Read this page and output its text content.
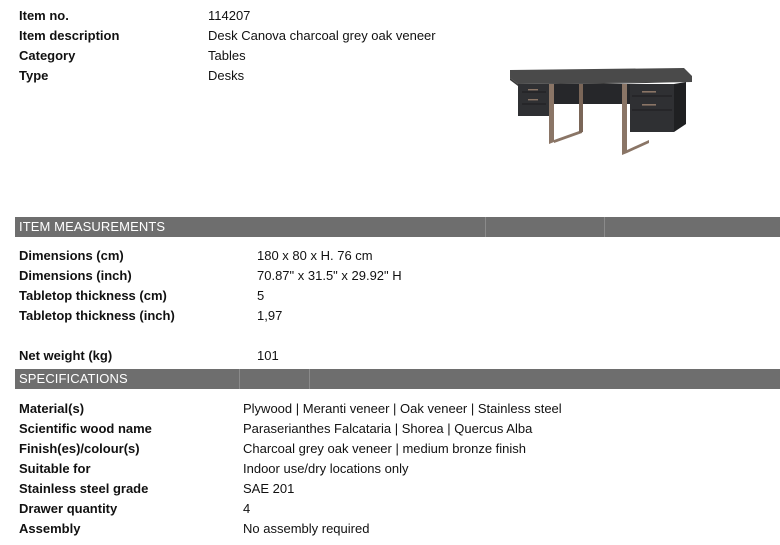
Item no.	114207
Item description	Desk Canova charcoal grey oak veneer
Category	Tables
Type	Desks
ITEM MEASUREMENTS
Dimensions (cm)	180 x 80 x H. 76 cm
Dimensions (inch)	70.87" x 31.5" x 29.92" H
Tabletop thickness (cm)	5
Tabletop thickness (inch)	1,97
Net weight (kg)	101
SPECIFICATIONS
Material(s)	Plywood | Meranti veneer | Oak veneer | Stainless steel
Scientific wood name	Paraserianthes Falcataria | Shorea | Quercus Alba
Finish(es)/colour(s)	Charcoal grey oak veneer | medium bronze finish
Suitable for	Indoor use/dry locations only
Stainless steel grade	SAE 201
Drawer quantity	4
Assembly	No assembly required
